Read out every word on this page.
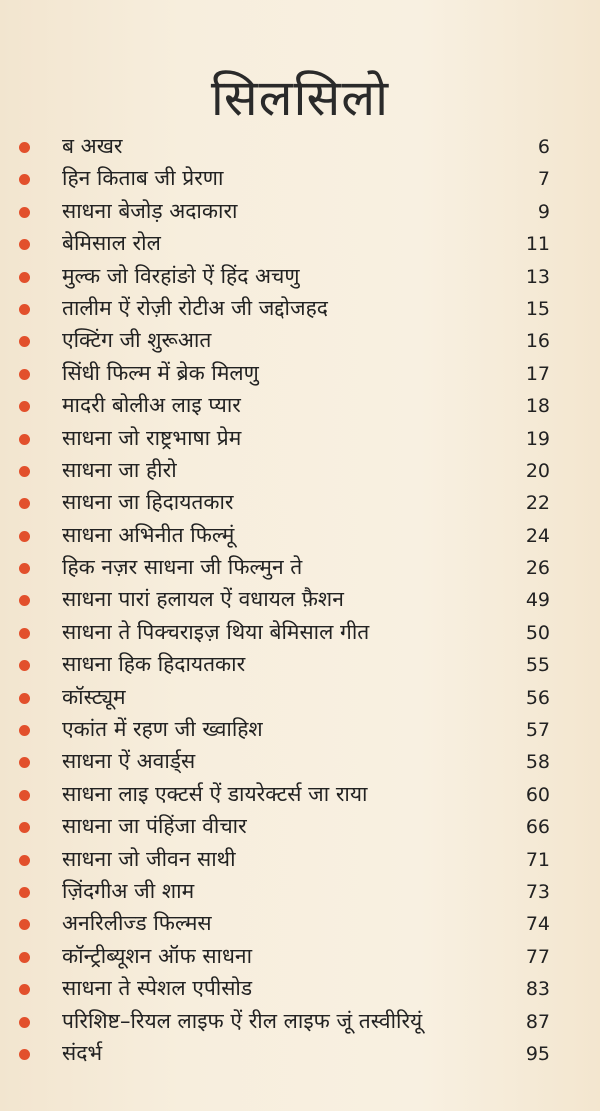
सिलसिलो
ब अखर	6
हिन किताब जी प्रेरणा	7
साधना बेजोड़ अदाकारा	9
बेमिसाल रोल	11
मुल्क जो विरहांङो ऐं हिंद अचणु	13
तालीम ऐं रोज़ी रोटीअ जी जद्दोजहद	15
एक्टिंग जी शुरूआत	16
सिंधी फिल्म में ब्रेक मिलणु	17
मादरी बोलीअ लाइ प्यार	18
साधना जो राष्ट्रभाषा प्रेम	19
साधना जा हीरो	20
साधना जा हिदायतकार	22
साधना अभिनीत फिल्मूं	24
हिक नज़र साधना जी फिल्मुन ते	26
साधना पारां हलायल ऐं वधायल फ़ैशन	49
साधना ते पिक्चराइज़ थिया बेमिसाल गीत	50
साधना हिक हिदायतकार	55
कॉस्ट्यूम	56
एकांत में रहण जी ख्वाहिश	57
साधना ऐं अवार्ड्स	58
साधना लाइ एक्टर्स ऐं डायरेक्टर्स जा राया	60
साधना जा पंहिंजा वीचार	66
साधना जो जीवन साथी	71
ज़िंदगीअ जी शाम	73
अनरिलीज्ड फिल्मस	74
कॉन्ट्रीब्यूशन ऑफ साधना	77
साधना ते स्पेशल एपीसोड	83
परिशिष्ट–रियल लाइफ ऐं रील लाइफ जूं तस्वीरियूं	87
संदर्भ	95
